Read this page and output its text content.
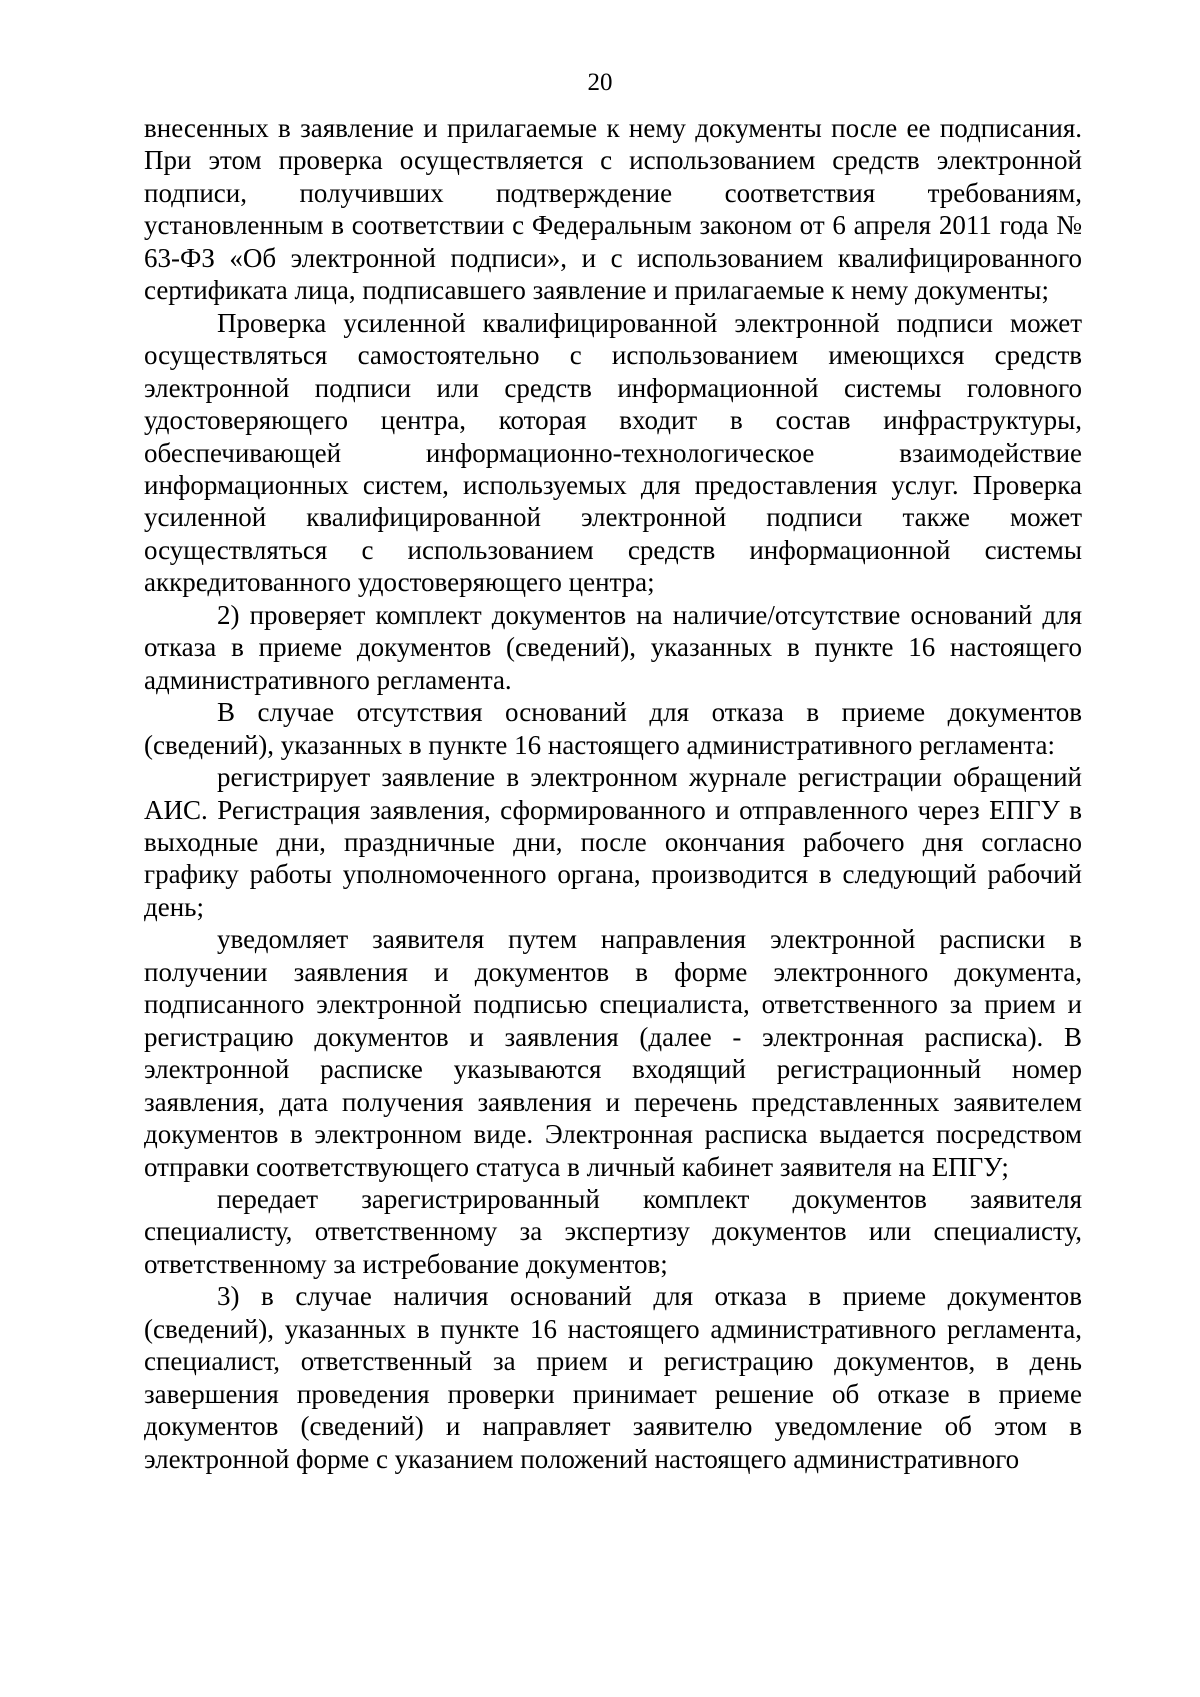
20

внесенных в заявление и прилагаемые к нему документы после ее подписания. При этом проверка осуществляется с использованием средств электронной подписи, получивших подтверждение соответствия требованиям, установленным в соответствии с Федеральным законом от 6 апреля 2011 года № 63-ФЗ «Об электронной подписи», и с использованием квалифицированного сертификата лица, подписавшего заявление и прилагаемые к нему документы;

Проверка усиленной квалифицированной электронной подписи может осуществляться самостоятельно с использованием имеющихся средств электронной подписи или средств информационной системы головного удостоверяющего центра, которая входит в состав инфраструктуры, обеспечивающей информационно-технологическое взаимодействие информационных систем, используемых для предоставления услуг. Проверка усиленной квалифицированной электронной подписи также может осуществляться с использованием средств информационной системы аккредитованного удостоверяющего центра;

2) проверяет комплект документов на наличие/отсутствие оснований для отказа в приеме документов (сведений), указанных в пункте 16 настоящего административного регламента.

В случае отсутствия оснований для отказа в приеме документов (сведений), указанных в пункте 16 настоящего административного регламента:

регистрирует заявление в электронном журнале регистрации обращений АИС. Регистрация заявления, сформированного и отправленного через ЕПГУ в выходные дни, праздничные дни, после окончания рабочего дня согласно графику работы уполномоченного органа, производится в следующий рабочий день;

уведомляет заявителя путем направления электронной расписки в получении заявления и документов в форме электронного документа, подписанного электронной подписью специалиста, ответственного за прием и регистрацию документов и заявления (далее - электронная расписка). В электронной расписке указываются входящий регистрационный номер заявления, дата получения заявления и перечень представленных заявителем документов в электронном виде. Электронная расписка выдается посредством отправки соответствующего статуса в личный кабинет заявителя на ЕПГУ;

передает зарегистрированный комплект документов заявителя специалисту, ответственному за экспертизу документов или специалисту, ответственному за истребование документов;

3) в случае наличия оснований для отказа в приеме документов (сведений), указанных в пункте 16 настоящего административного регламента, специалист, ответственный за прием и регистрацию документов, в день завершения проведения проверки принимает решение об отказе в приеме документов (сведений) и направляет заявителю уведомление об этом в электронной форме с указанием положений настоящего административного
